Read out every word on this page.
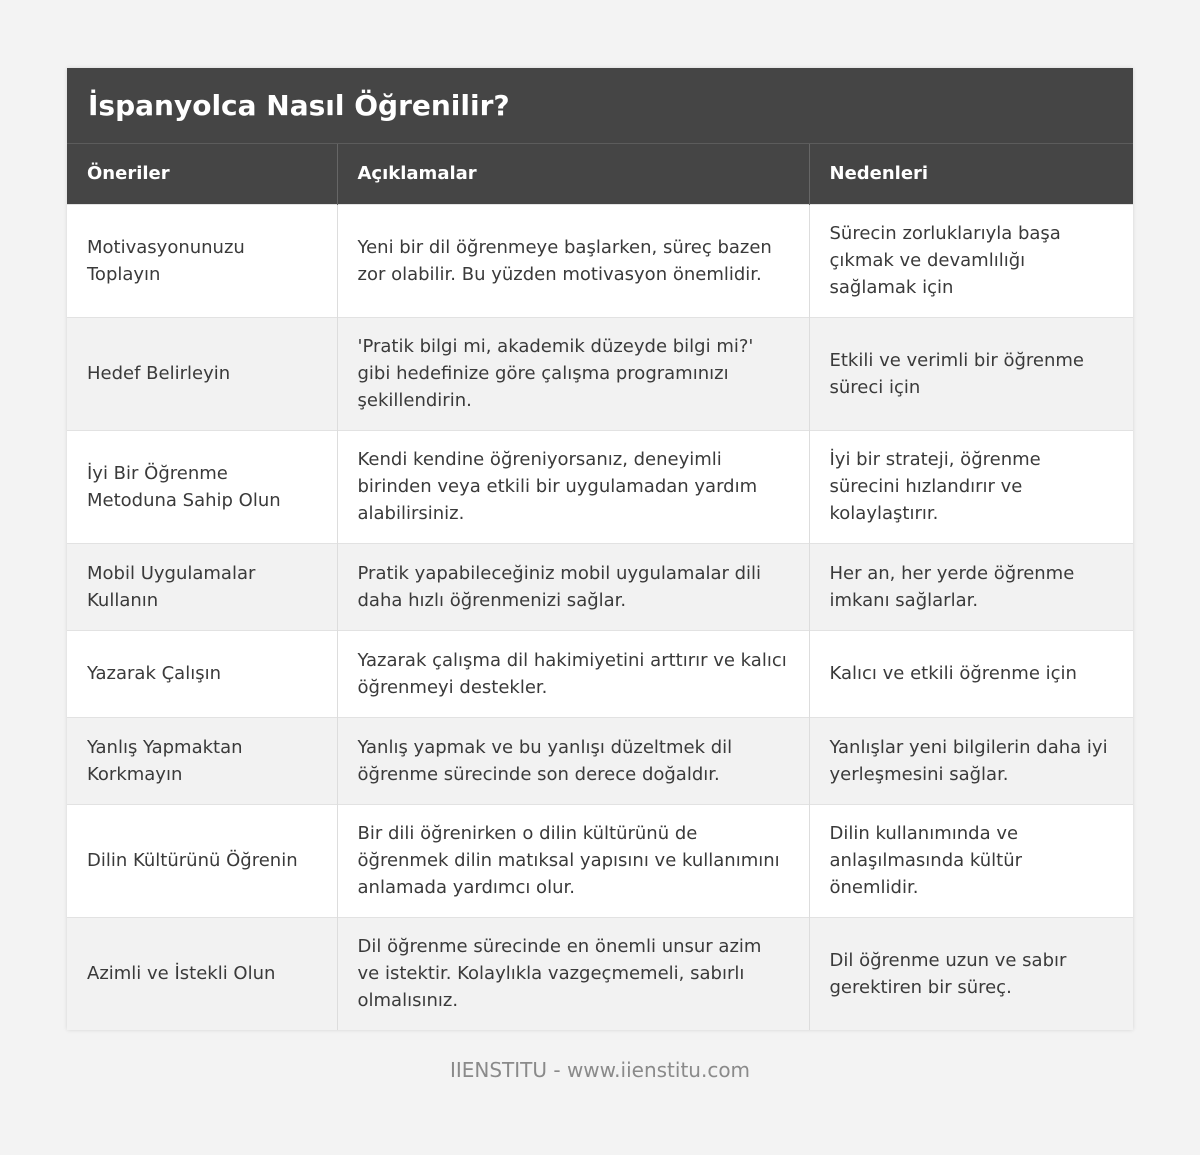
İspanyolca Nasıl Öğrenilir?
Öneriler	Açıklamalar	Nedenleri
Motivasyonunuzu Toplayın	Yeni bir dil öğrenmeye başlarken, süreç bazen zor olabilir. Bu yüzden motivasyon önemlidir.	Sürecin zorluklarıyla başa çıkmak ve devamlılığı sağlamak için
Hedef Belirleyin	'Pratik bilgi mi, akademik düzeyde bilgi mi?' gibi hedefinize göre çalışma programınızı şekillendirin.	Etkili ve verimli bir öğrenme süreci için
İyi Bir Öğrenme Metoduna Sahip Olun	Kendi kendine öğreniyorsanız, deneyimli birinden veya etkili bir uygulamadan yardım alabilirsiniz.	İyi bir strateji, öğrenme sürecini hızlandırır ve kolaylaştırır.
Mobil Uygulamalar Kullanın	Pratik yapabileceğiniz mobil uygulamalar dili daha hızlı öğrenmenizi sağlar.	Her an, her yerde öğrenme imkanı sağlarlar.
Yazarak Çalışın	Yazarak çalışma dil hakimiyetini arttırır ve kalıcı öğrenmeyi destekler.	Kalıcı ve etkili öğrenme için
Yanlış Yapmaktan Korkmayın	Yanlış yapmak ve bu yanlışı düzeltmek dil öğrenme sürecinde son derece doğaldır.	Yanlışlar yeni bilgilerin daha iyi yerleşmesini sağlar.
Dilin Kültürünü Öğrenin	Bir dili öğrenirken o dilin kültürünü de öğrenmek dilin matıksal yapısını ve kullanımını anlamada yardımcı olur.	Dilin kullanımında ve anlaşılmasında kültür önemlidir.
Azimli ve İstekli Olun	Dil öğrenme sürecinde en önemli unsur azim ve istektir. Kolaylıkla vazgeçmemeli, sabırlı olmalısınız.	Dil öğrenme uzun ve sabır gerektiren bir süreç.
IIENSTITU - www.iienstitu.com
